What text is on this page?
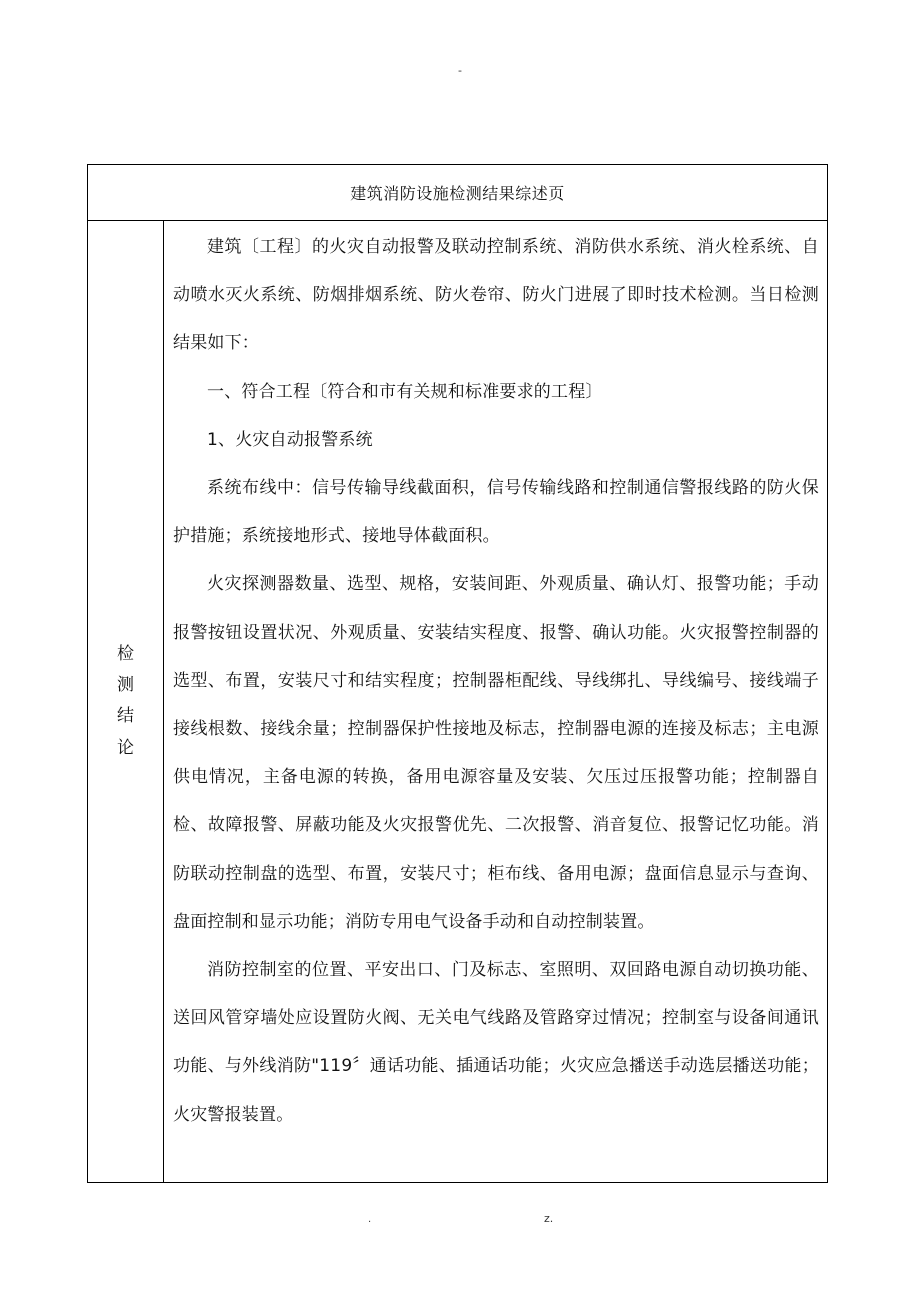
-
建筑消防设施检测结果综述页
检
测
结
论

建筑〔工程〕的火灾自动报警及联动控制系统、消防供水系统、消火栓系统、自动喷水灭火系统、防烟排烟系统、防火卷帘、防火门进展了即时技术检测。当日检测结果如下：

一、符合工程〔符合和市有关规和标准要求的工程〕

1、火灾自动报警系统

系统布线中：信号传输导线截面积，信号传输线路和控制通信警报线路的防火保护措施；系统接地形式、接地导体截面积。

火灾探测器数量、选型、规格，安装间距、外观质量、确认灯、报警功能；手动报警按钮设置状况、外观质量、安装结实程度、报警、确认功能。火灾报警控制器的选型、布置，安装尺寸和结实程度；控制器柜配线、导线绑扎、导线编号、接线端子接线根数、接线余量；控制器保护性接地及标志，控制器电源的连接及标志；主电源供电情况，主备电源的转换，备用电源容量及安装、欠压过压报警功能；控制器自检、故障报警、屏蔽功能及火灾报警优先、二次报警、消音复位、报警记忆功能。消防联动控制盘的选型、布置，安装尺寸；柜布线、备用电源；盘面信息显示与查询、盘面控制和显示功能；消防专用电气设备手动和自动控制装置。

消防控制室的位置、平安出口、门及标志、室照明、双回路电源自动切换功能、送回风管穿墙处应设置防火阀、无关电气线路及管路穿过情况；控制室与设备间通讯功能、与外线消防"119〞通话功能、插通话功能；火灾应急播送手动选层播送功能；火灾警报装置。

.	z.
